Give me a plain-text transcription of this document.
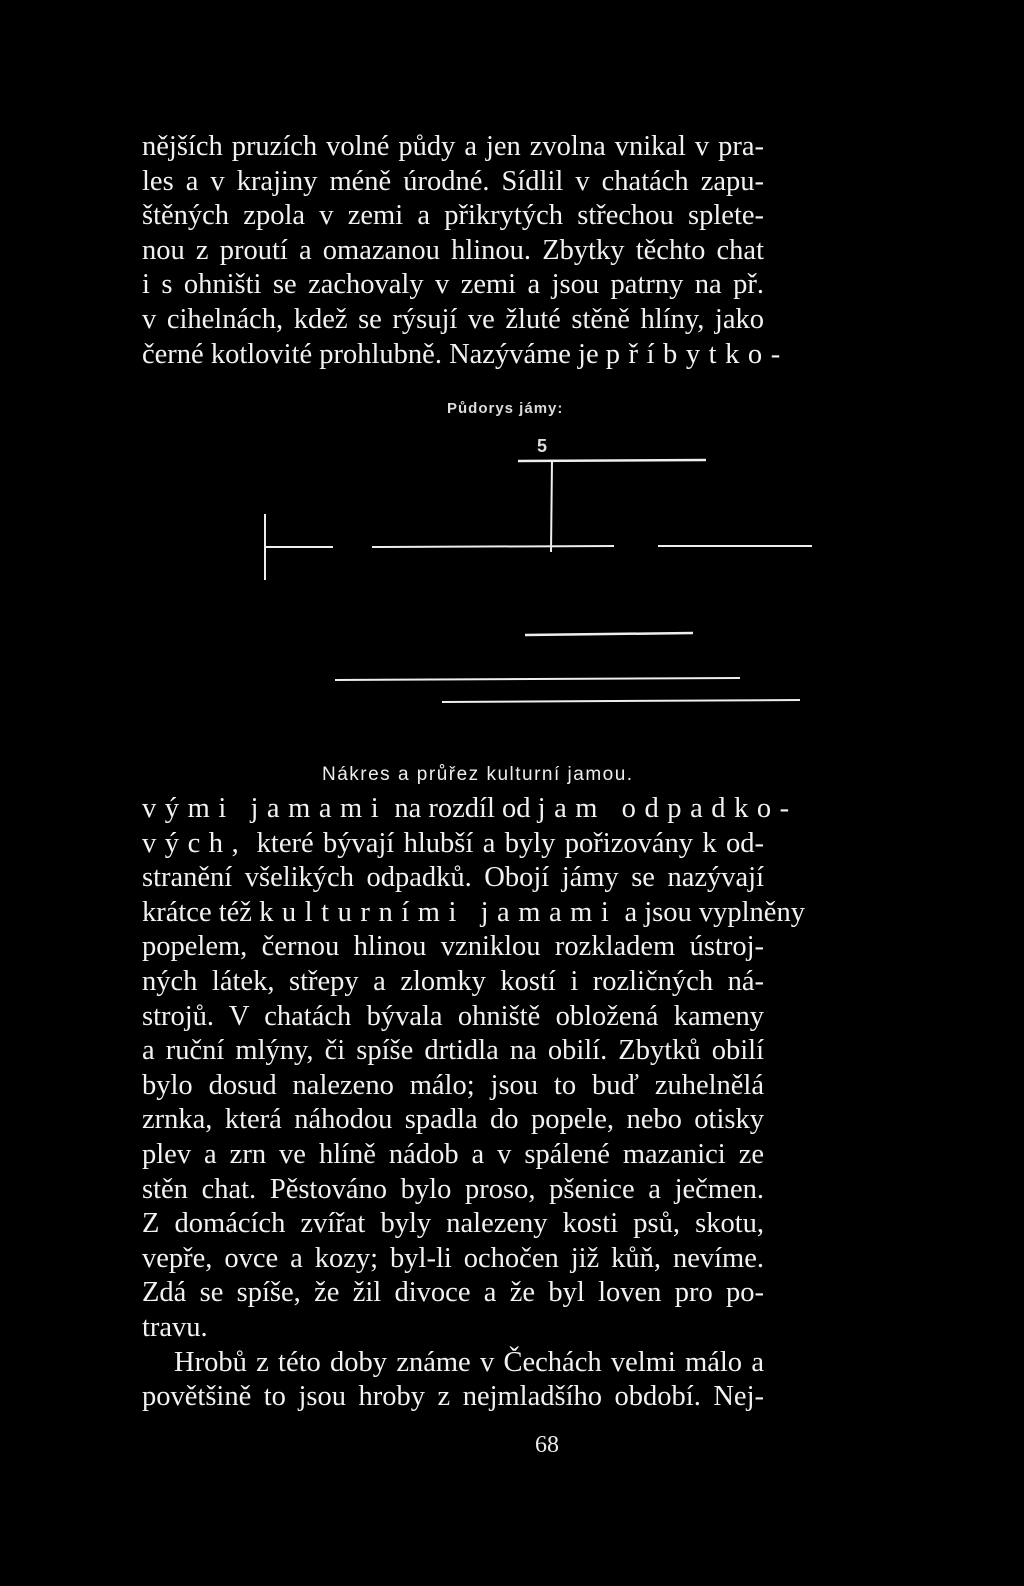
nějších pruzích volné půdy a jen zvolna vnikal v pra-
les a v krajiny méně úrodné. Sídlil v chatách zapu-
štěných zpola v zemi a přikrytých střechou splete-
nou z proutí a omazanou hlinou. Zbytky těchto chat
i s ohništi se zachovaly v zemi a jsou patrny na př.
v cihelnách, kdež se rýsují ve žluté stěně hlíny, jako
černé kotlovité prohlubně. Nazýváme je příbytko-
Půdorys jámy:
5
Nákres a průřez kulturní jamou.
vými jamami na rozdíl od jam odpadko-
vých, které bývají hlubší a byly pořizovány k od-
stranění všelikých odpadků. Obojí jámy se nazývají
krátce též kulturními jamami a jsou vyplněny
popelem, černou hlinou vzniklou rozkladem ústroj-
ných látek, střepy a zlomky kostí i rozličných ná-
strojů. V chatách bývala ohniště obložená kameny
a ruční mlýny, či spíše drtidla na obilí. Zbytků obilí
bylo dosud nalezeno málo; jsou to buď zuhelnělá
zrnka, která náhodou spadla do popele, nebo otisky
plev a zrn ve hlíně nádob a v spálené mazanici ze
stěn chat. Pěstováno bylo proso, pšenice a ječmen.
Z domácích zvířat byly nalezeny kosti psů, skotu,
vepře, ovce a kozy; byl-li ochočen již kůň, nevíme.
Zdá se spíše, že žil divoce a že byl loven pro po-
travu.
Hrobů z této doby známe v Čechách velmi málo a
povětšině to jsou hroby z nejmladšího období. Nej-
68
